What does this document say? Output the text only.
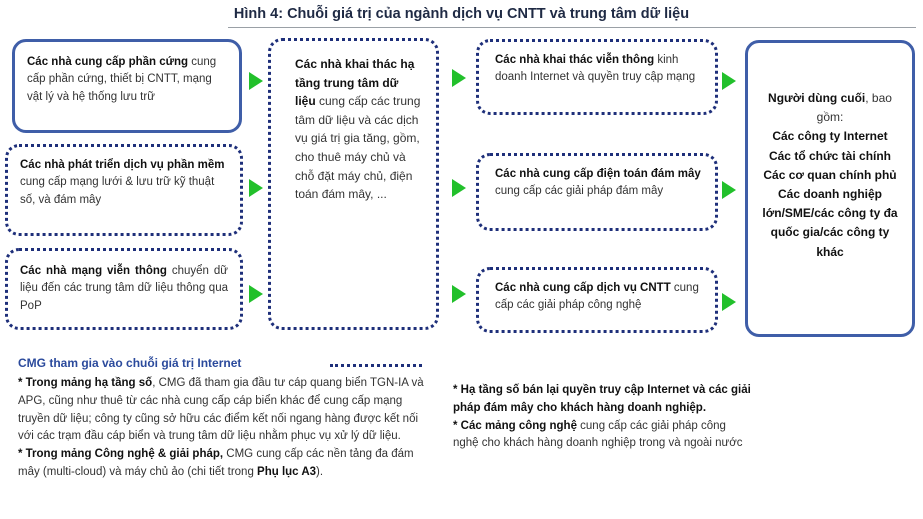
Hình 4: Chuỗi giá trị của ngành dịch vụ CNTT và trung tâm dữ liệu
Các nhà cung cấp phần cứng cung cấp phần cứng, thiết bị CNTT, mạng vật lý và hệ thống lưu trữ
Các nhà phát triển dịch vụ phần mềm cung cấp mạng lưới & lưu trữ kỹ thuật số, và đám mây
Các nhà mạng viễn thông chuyển dữ liệu đến các trung tâm dữ liệu thông qua PoP
Các nhà khai thác hạ tầng trung tâm dữ liệu cung cấp các trung tâm dữ liệu và các dịch vụ giá trị gia tăng, gồm, cho thuê máy chủ và chỗ đặt máy chủ, điện toán đám mây, ...
Các nhà khai thác viễn thông kinh doanh Internet và quyền truy cập mạng
Các nhà cung cấp điện toán đám mây cung cấp các giải pháp đám mây
Các nhà cung cấp dịch vụ CNTT cung cấp các giải pháp công nghệ
Người dùng cuối, bao gồm:
Các công ty Internet
Các tổ chức tài chính
Các cơ quan chính phủ
Các doanh nghiệp lớn/SME/các công ty đa quốc gia/các công ty khác
CMG tham gia vào chuỗi giá trị Internet

* Trong mảng hạ tầng số, CMG đã tham gia đầu tư cáp quang biển TGN-IA và APG, cũng như thuê từ các nhà cung cấp cáp biển khác để cung cấp mạng truyền dữ liệu; công ty cũng sở hữu các điểm kết nối ngang hàng được kết nối với các trạm đầu cáp biển và trung tâm dữ liệu nhằm phục vụ xử lý dữ liệu.

* Trong mảng Công nghệ & giải pháp, CMG cung cấp các nền tảng đa đám mây (multi-cloud) và máy chủ ảo (chi tiết trong Phụ lục A3).

* Hạ tầng số bán lại quyền truy cập Internet và các giải pháp đám mây cho khách hàng doanh nghiệp.

* Các mảng công nghệ cung cấp các giải pháp công nghệ cho khách hàng doanh nghiệp trong và ngoài nước
